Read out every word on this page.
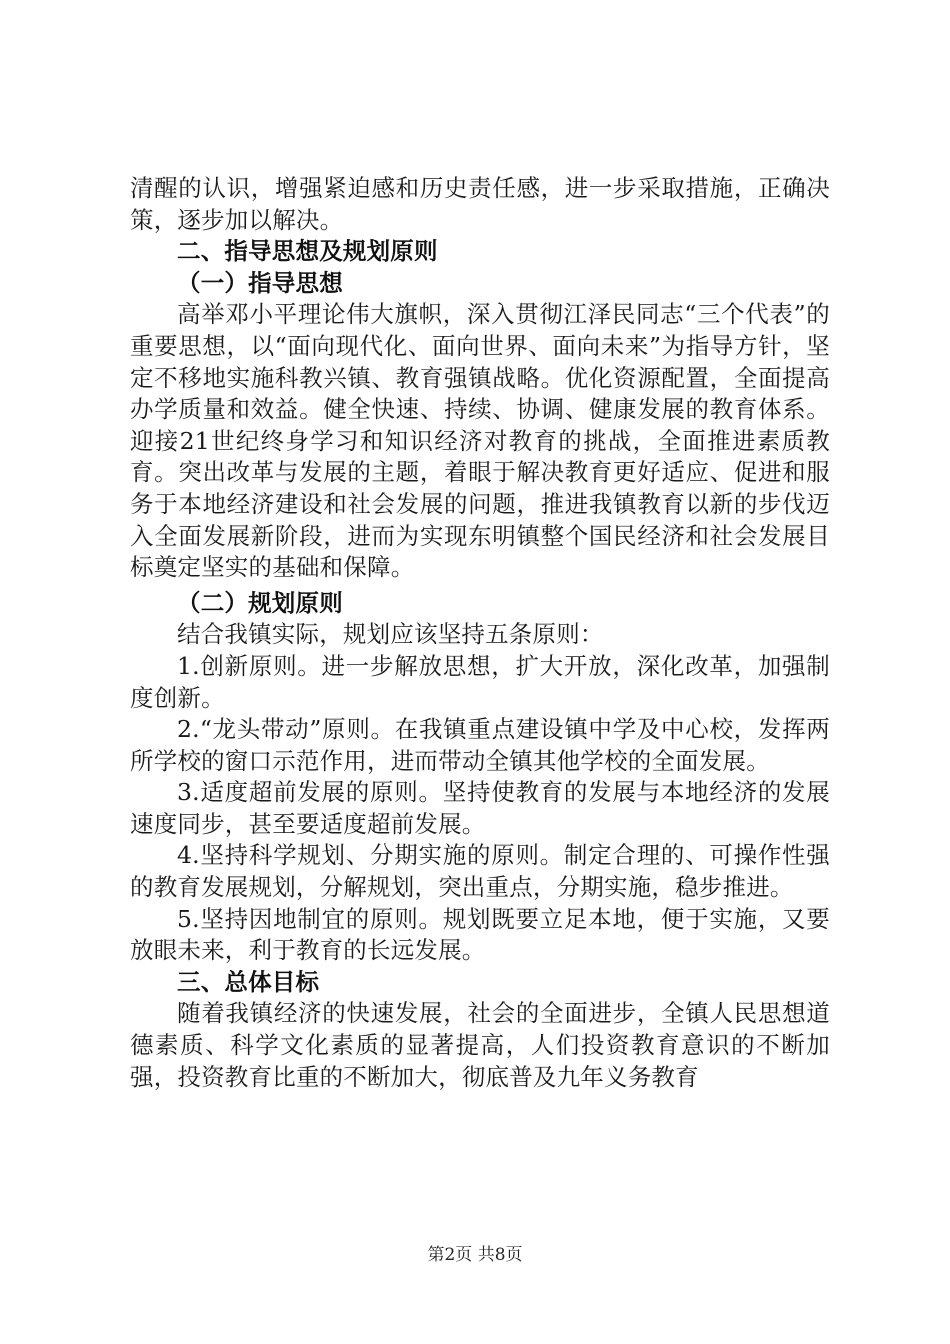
清醒的认识，增强紧迫感和历史责任感，进一步采取措施，正确决策，逐步加以解决。

二、指导思想及规划原则
（一）指导思想

高举邓小平理论伟大旗帜，深入贯彻江泽民同志“三个代表”的重要思想，以“面向现代化、面向世界、面向未来”为指导方针，坚定不移地实施科教兴镇、教育强镇战略。优化资源配置，全面提高办学质量和效益。健全快速、持续、协调、健康发展的教育体系。迎接21世纪终身学习和知识经济对教育的挑战，全面推进素质教育。突出改革与发展的主题，着眼于解决教育更好适应、促进和服务于本地经济建设和社会发展的问题，推进我镇教育以新的步伐迈入全面发展新阶段，进而为实现东明镇整个国民经济和社会发展目标奠定坚实的基础和保障。

（二）规划原则

结合我镇实际，规划应该坚持五条原则：

1.创新原则。进一步解放思想，扩大开放，深化改革，加强制度创新。

2.“龙头带动”原则。在我镇重点建设镇中学及中心校，发挥两所学校的窗口示范作用，进而带动全镇其他学校的全面发展。

3.适度超前发展的原则。坚持使教育的发展与本地经济的发展速度同步，甚至要适度超前发展。

4.坚持科学规划、分期实施的原则。制定合理的、可操作性强的教育发展规划，分解规划，突出重点，分期实施，稳步推进。

5.坚持因地制宜的原则。规划既要立足本地，便于实施，又要放眼未来，利于教育的长远发展。

三、总体目标

随着我镇经济的快速发展，社会的全面进步，全镇人民思想道德素质、科学文化素质的显著提高，人们投资教育意识的不断加强，投资教育比重的不断加大，彻底普及九年义务教育

第2页 共8页
